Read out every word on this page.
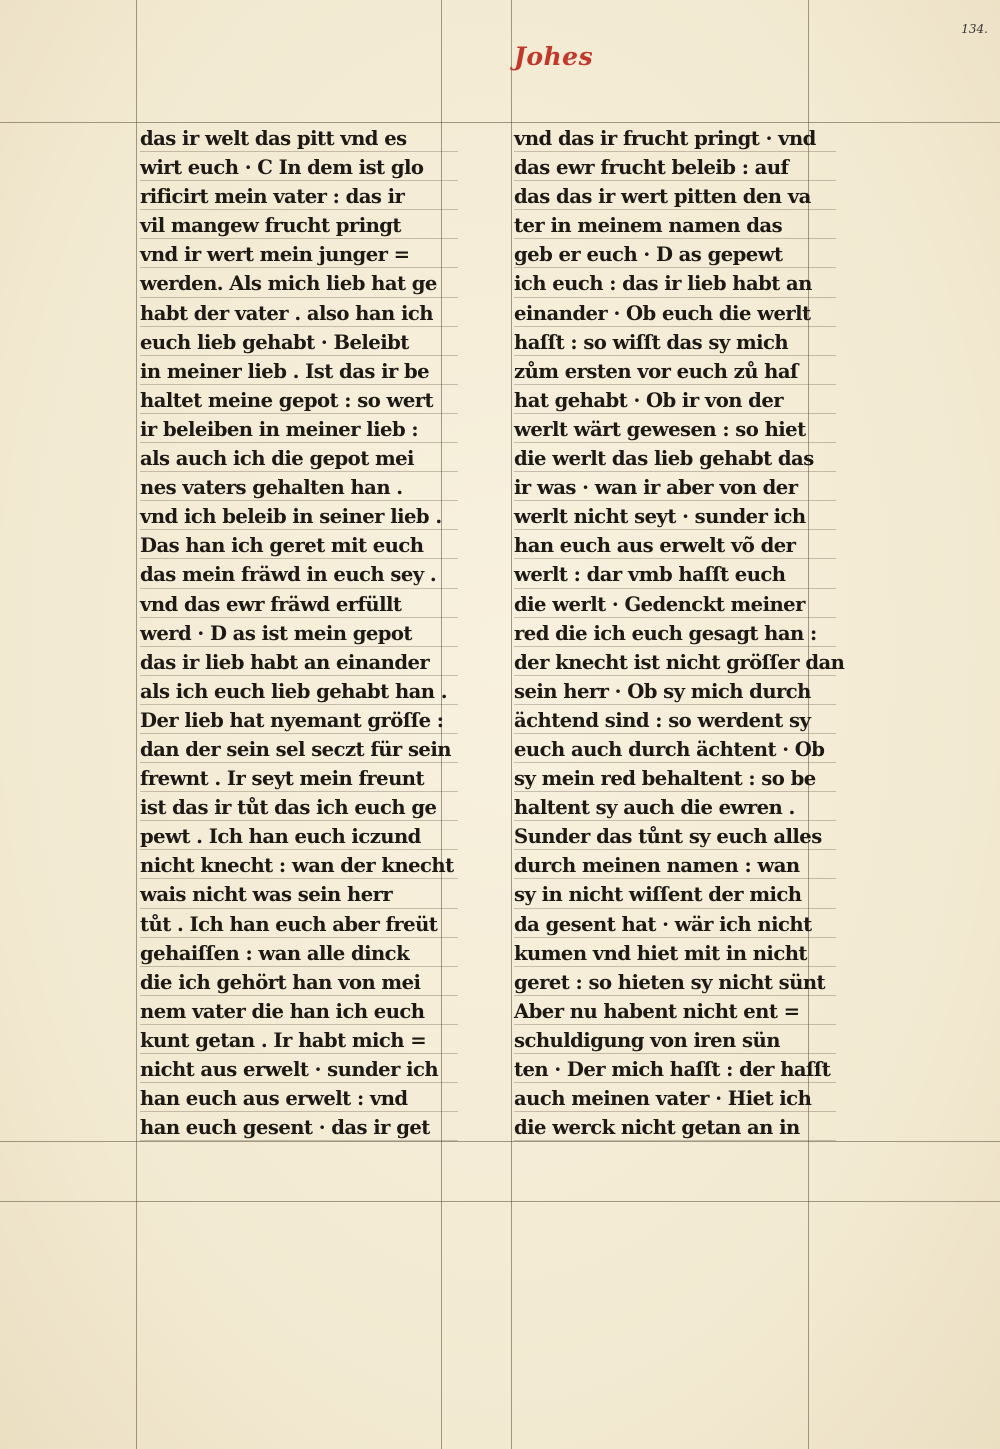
134.
Johes
das ir welt das pitt vnd es
wirt euch · C In dem ist glo
rificirt mein vater : das ir
vil mangew frucht pringt
vnd ir wert mein junger =
werden. Als mich lieb hat ge
habt der vater . also han ich
euch lieb gehabt · Beleibt
in meiner lieb . Ist das ir be
haltet meine gepot : so wert
ir beleiben in meiner lieb :
als auch ich die gepot mei
nes vaters gehalten han .
vnd ich beleib in seiner lieb .
Das han ich geret mit euch
das mein fräwd in euch sey .
vnd das ewr fräwd erfüllt
werd · D as ist mein gepot
das ir lieb habt an einander
als ich euch lieb gehabt han .
Der lieb hat nyemant gröſſe :
dan der sein sel seczt für sein
frewnt . Ir seyt mein freunt
ist das ir tůt das ich euch ge
pewt . Ich han euch iczund
nicht knecht : wan der knecht
wais nicht was sein herr
tůt . Ich han euch aber freüt
gehaiſſen : wan alle dinck
die ich gehört han von mei
nem vater die han ich euch
kunt getan . Ir habt mich =
nicht aus erwelt · sunder ich
han euch aus erwelt : vnd
han euch gesent · das ir get
vnd das ir frucht pringt · vnd
das ewr frucht beleib : auf
das das ir wert pitten den va
ter in meinem namen das
geb er euch · D as gepewt
ich euch : das ir lieb habt an
einander · Ob euch die werlt
haſſt : so wiſſt das sy mich
zům ersten vor euch zů haſ
hat gehabt · Ob ir von der
werlt wärt gewesen : so hiet
die werlt das lieb gehabt das
ir was · wan ir aber von der
werlt nicht seyt · sunder ich
han euch aus erwelt võ der
werlt : dar vmb haſſt euch
die werlt · Gedenckt meiner
red die ich euch gesagt han :
der knecht ist nicht gröſſer dan
sein herr · Ob sy mich durch
ächtend sind : so werdent sy
euch auch durch ächtent · Ob
sy mein red behaltent : so be
haltent sy auch die ewren .
Sunder das tůnt sy euch alles
durch meinen namen : wan
sy in nicht wiſſent der mich
da gesent hat · wär ich nicht
kumen vnd hiet mit in nicht
geret : so hieten sy nicht sünt
Aber nu habent nicht ent =
schuldigung von iren sün
ten · Der mich haſſt : der haſſt
auch meinen vater · Hiet ich
die werck nicht getan an in
